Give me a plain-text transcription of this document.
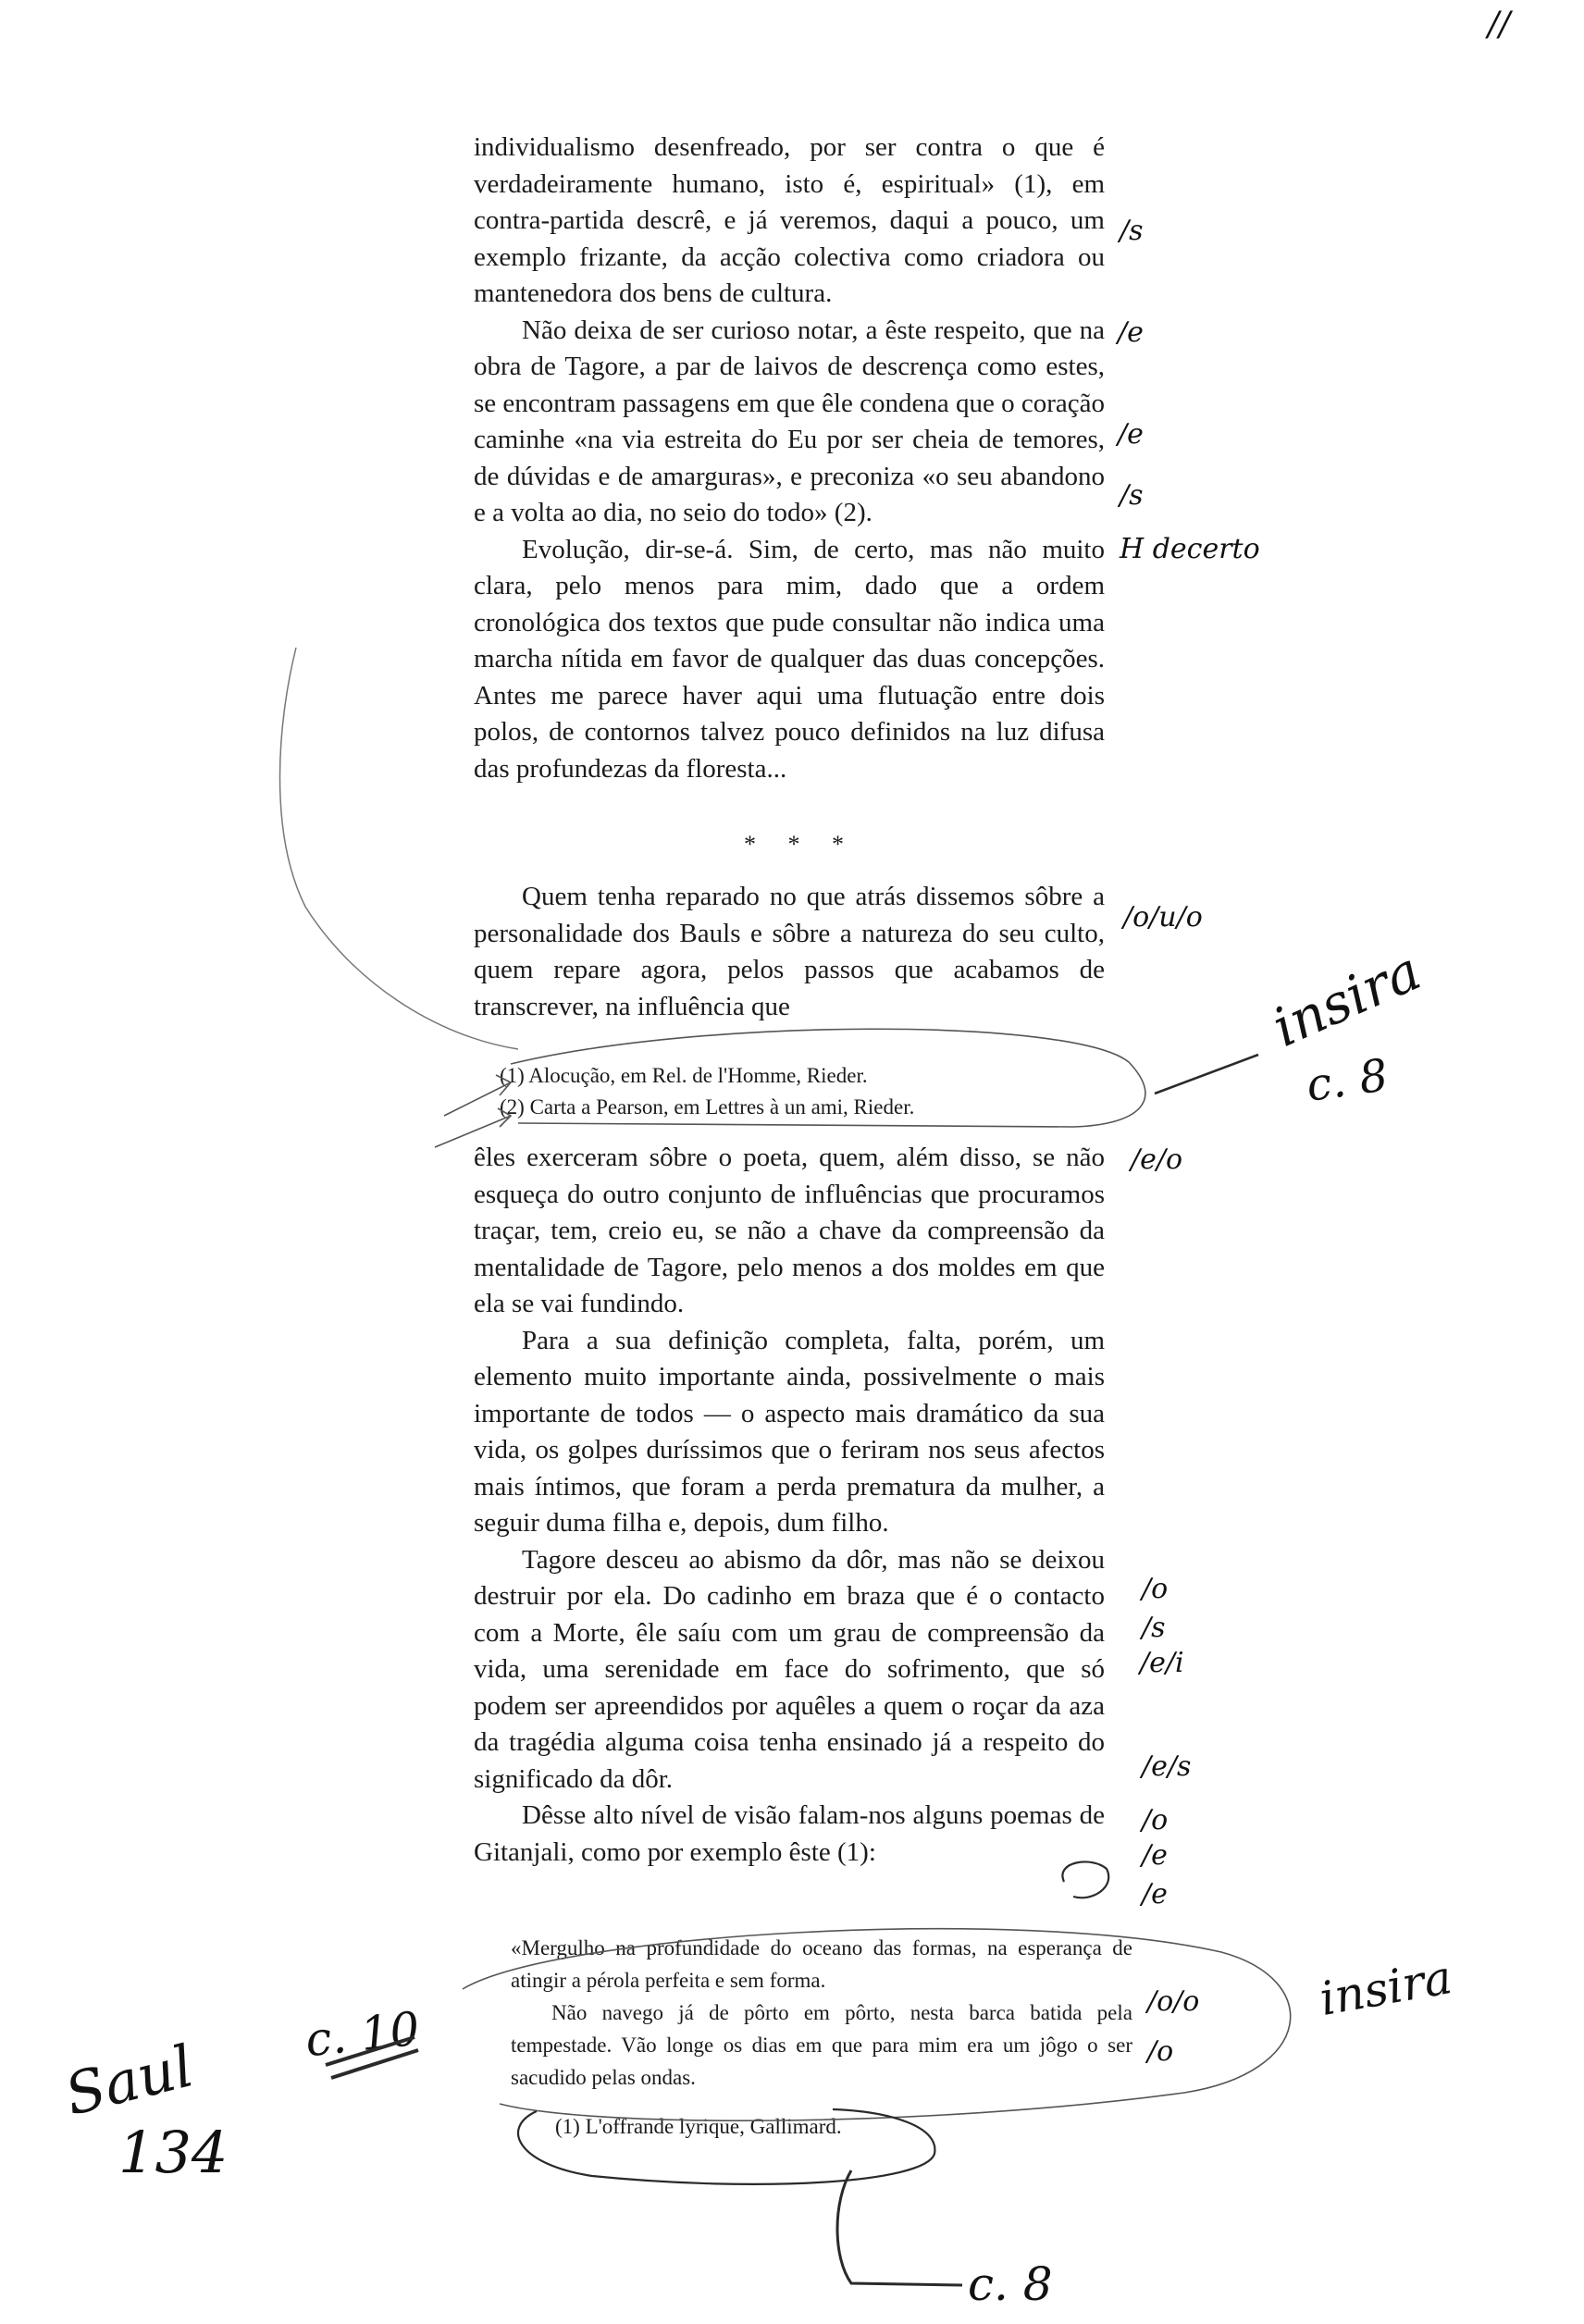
individualismo desenfreado, por ser contra o que é verdadeiramente humano, isto é, espiritual» (1), em contra-partida descrê, e já veremos, daqui a pouco, um exemplo frizante, da acção colectiva como criadora ou mantenedora dos bens de cultura.

Não deixa de ser curioso notar, a êste respeito, que na obra de Tagore, a par de laivos de descrença como estes, se encontram passagens em que êle condena que o coração caminhe «na via estreita do Eu por ser cheia de temores, de dúvidas e de amarguras», e preconiza «o seu abandono e a volta ao dia, no seio do todo» (2).

Evolução, dir-se-á. Sim, de certo, mas não muito clara, pelo menos para mim, dado que a ordem cronológica dos textos que pude consultar não indica uma marcha nítida em favor de qualquer das duas concepções. Antes me parece haver aqui uma flutuação entre dois polos, de contornos talvez pouco definidos na luz difusa das profundezas da floresta...

* * *

Quem tenha reparado no que atrás dissemos sôbre a personalidade dos Bauls e sôbre a natureza do seu culto, quem repare agora, pelos passos que acabamos de transcrever, na influência que

(1) Alocução, em Rel. de l'Homme, Rieder.

(2) Carta a Pearson, em Lettres à un ami, Rieder.

êles exerceram sôbre o poeta, quem, além disso, se não esqueça do outro conjunto de influências que procuramos traçar, tem, creio eu, se não a chave da compreensão da mentalidade de Tagore, pelo menos a dos moldes em que ela se vai fundindo.

Para a sua definição completa, falta, porém, um elemento muito importante ainda, possivelmente o mais importante de todos — o aspecto mais dramático da sua vida, os golpes duríssimos que o feriram nos seus afectos mais íntimos, que foram a perda prematura da mulher, a seguir duma filha e, depois, dum filho.

Tagore desceu ao abismo da dôr, mas não se deixou destruir por ela. Do cadinho em braza que é o contacto com a Morte, êle saíu com um grau de compreensão da vida, uma serenidade em face do sofrimento, que só podem ser apreendidos por aquêles a quem o roçar da aza da tragédia alguma coisa tenha ensinado já a respeito do significado da dôr.

Dêsse alto nível de visão falam-nos alguns poemas de Gitanjali, como por exemplo êste (1):

«Mergulho na profundidade do oceano das formas, na esperança de atingir a pérola perfeita e sem forma.

Não navego já de pôrto em pôrto, nesta barca batida pela tempestade. Vão longe os dias em que para mim era um jôgo o ser sacudido pelas ondas.

(1) L'offrande lyrique, Gallimard.

//
/s
/e
/e
/s
H decerto
/o/u/o
/e/o
/o
/s
/e/i
/e/s
/o
/e
/e
/o/o
/o
insira
c. 8
insira
c. 10
c. 8
Saul
134
